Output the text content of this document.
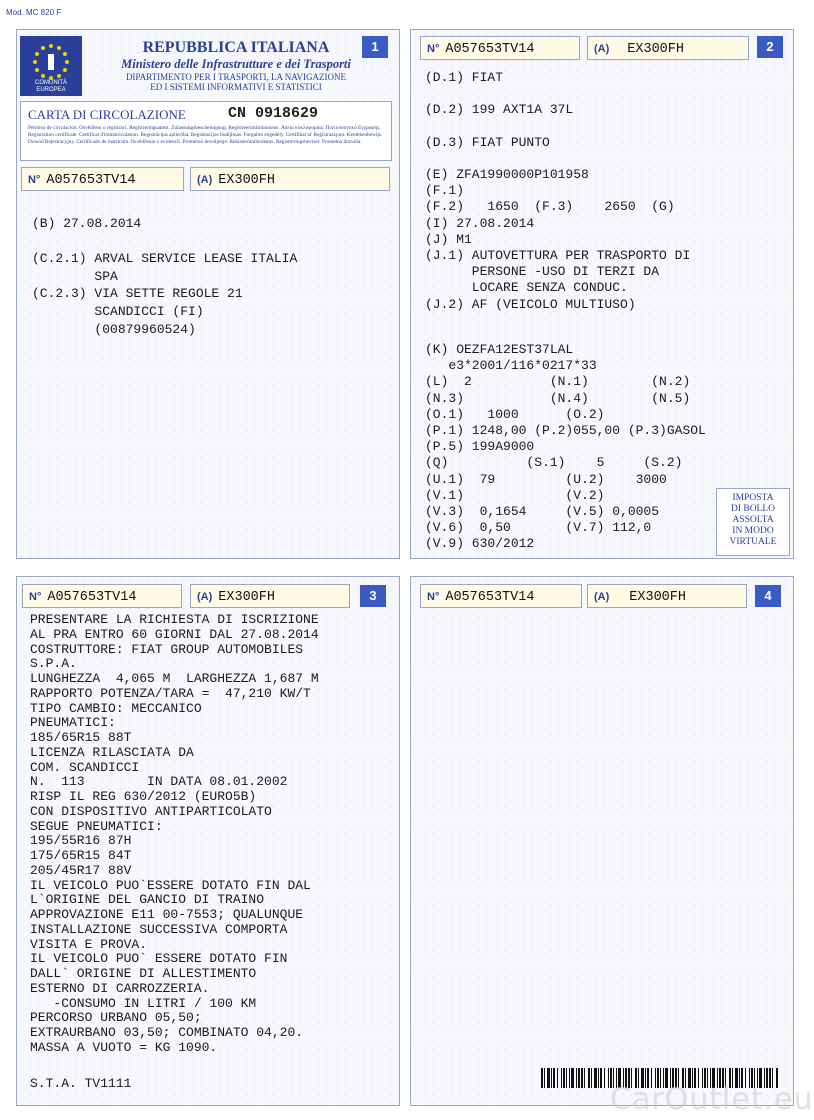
Mod. MC 820 F
1
COMUNITÀ EUROPEA
REPUBBLICA ITALIANA
Ministero delle Infrastrutture e dei Trasporti
DIPARTIMENTO PER I TRASPORTI, LA NAVIGAZIONE
ED I SISTEMI INFORMATIVI E STATISTICI
CARTA DI CIRCOLAZIONE	CN 0918629
Permiso de circulación. Osvědčení o registraci. Registreringsattest. Zulassungsbescheinigung. Registreerimistunnistus. Άδεια κυκλοφορίας. Πιστοποιητικό Εγγραφής. Registration certificate. Certificat d'immatriculation. Registrācijas apliecība. Registracijos liudijimas. Forgalmi engedély. Certifikat ta' Reġistrazzjoni. Kentekenbewijs. Dowód Rejestracyjny. Certificado de matrícula. Osvědčenie o evidencii. Prometno dovoljenje. Rekisteröintitodistus. Registreringsbeviset. Prometna dozvola.
N° A057653TV14	(A) EX300FH
(B) 27.08.2014
(C.2.1) ARVAL SERVICE LEASE ITALIA
SPA
(C.2.3) VIA SETTE REGOLE 21
SCANDICCI (FI)
(00879960524)
2
N° A057653TV14	(A) EX300FH
(D.1) FIAT
(D.2) 199 AXT1A 37L
(D.3) FIAT PUNTO
(E) ZFA1990000P101958
(F.1)
(F.2)   1650  (F.3)    2650  (G)
(I) 27.08.2014
(J) M1
(J.1) AUTOVETTURA PER TRASPORTO DI
PERSONE -USO DI TERZI DA
LOCARE SENZA CONDUC.
(J.2) AF (VEICOLO MULTIUSO)
(K) OEZFA12EST37LAL
e3*2001/116*0217*33
(L)  2          (N.1)        (N.2)
(N.3)           (N.4)        (N.5)
(O.1)   1000      (O.2)
(P.1) 1248,00 (P.2)055,00 (P.3)GASOL
(P.5) 199A9000
(Q)          (S.1)    5     (S.2)
(U.1)  79         (U.2)    3000
(V.1)             (V.2)
(V.3)  0,1654     (V.5) 0,0005
(V.6)  0,50       (V.7) 112,0
(V.9) 630/2012
IMPOSTA
DI BOLLO
ASSOLTA
IN MODO
VIRTUALE
3
N° A057653TV14	(A) EX300FH
PRESENTARE LA RICHIESTA DI ISCRIZIONE
AL PRA ENTRO 60 GIORNI DAL 27.08.2014
COSTRUTTORE: FIAT GROUP AUTOMOBILES
S.P.A.
LUNGHEZZA  4,065 M  LARGHEZZA 1,687 M
RAPPORTO POTENZA/TARA =  47,210 KW/T
TIPO CAMBIO: MECCANICO
PNEUMATICI:
185/65R15 88T
LICENZA RILASCIATA DA
COM. SCANDICCI
N.  113        IN DATA 08.01.2002
RISP IL REG 630/2012 (EURO5B)
CON DISPOSITIVO ANTIPARTICOLATO
SEGUE PNEUMATICI:
195/55R16 87H
175/65R15 84T
205/45R17 88V
IL VEICOLO PUO`ESSERE DOTATO FIN DAL
L`ORIGINE DEL GANCIO DI TRAINO
APPROVAZIONE E11 00-7553; QUALUNQUE
INSTALLAZIONE SUCCESSIVA COMPORTA
VISITA E PROVA.
IL VEICOLO PUO` ESSERE DOTATO FIN
DALL` ORIGINE DI ALLESTIMENTO
ESTERNO DI CARROZZERIA.
-CONSUMO IN LITRI / 100 KM
PERCORSO URBANO 05,50;
EXTRAURBANO 03,50; COMBINATO 04,20.
MASSA A VUOTO = KG 1090.
S.T.A. TV1111
4
N° A057653TV14	(A) EX300FH
CarOutlet.eu
